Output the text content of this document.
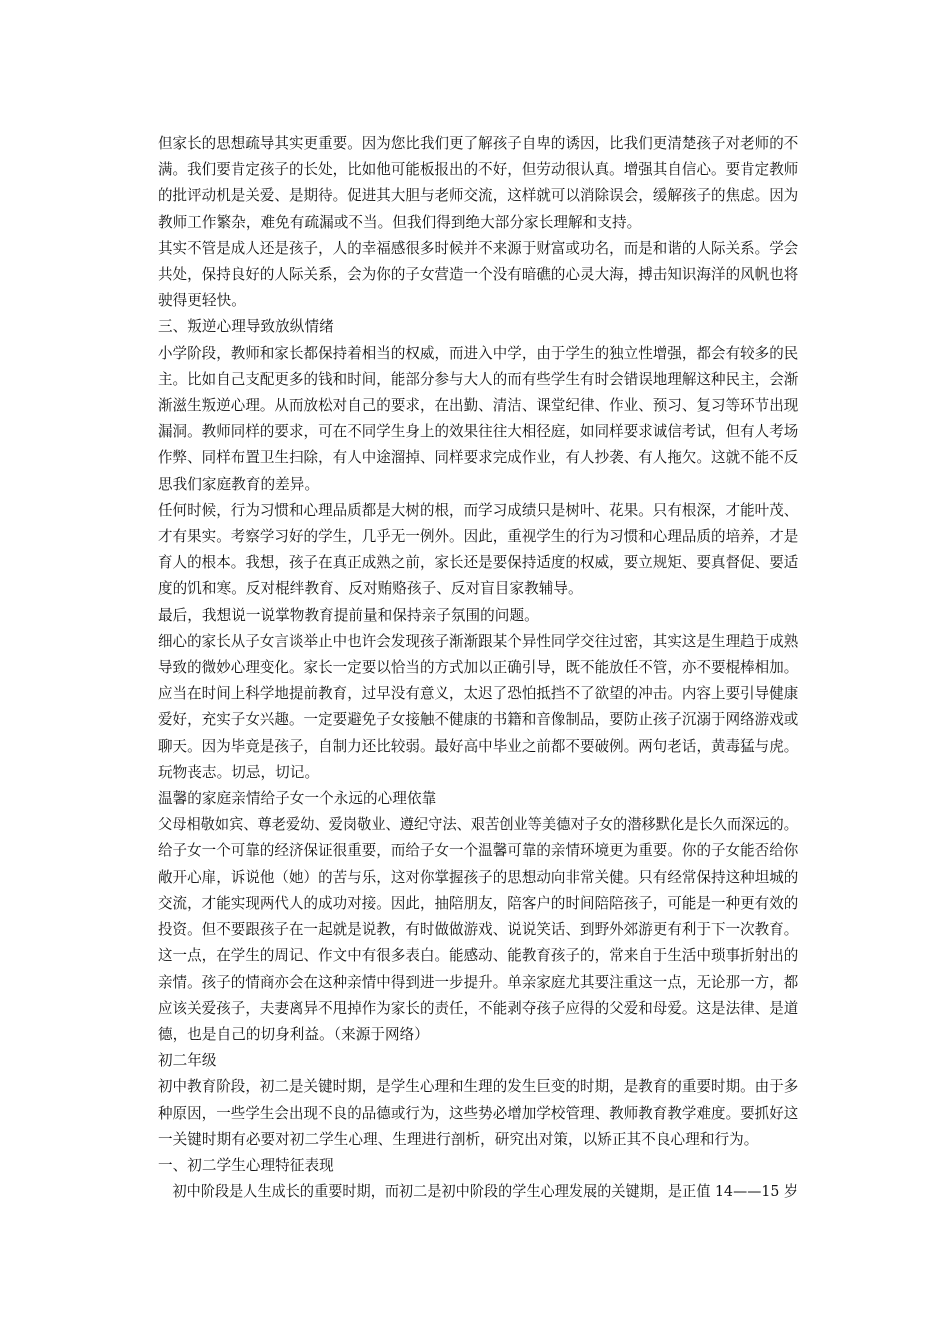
但家长的思想疏导其实更重要。因为您比我们更了解孩子自卑的诱因，比我们更清楚孩子对老师的不
满。我们要肯定孩子的长处，比如他可能板报出的不好，但劳动很认真。增强其自信心。要肯定教师
的批评动机是关爱、是期待。促进其大胆与老师交流，这样就可以消除误会，缓解孩子的焦虑。因为
教师工作繁杂，难免有疏漏或不当。但我们得到绝大部分家长理解和支持。

其实不管是成人还是孩子，人的幸福感很多时候并不来源于财富或功名，而是和谐的人际关系。学会
共处，保持良好的人际关系，会为你的子女营造一个没有暗礁的心灵大海，搏击知识海洋的风帆也将
驶得更轻快。

三、叛逆心理导致放纵情绪

小学阶段，教师和家长都保持着相当的权威，而进入中学，由于学生的独立性增强，都会有较多的民
主。比如自己支配更多的钱和时间，能部分参与大人的而有些学生有时会错误地理解这种民主，会渐
渐滋生叛逆心理。从而放松对自己的要求，在出勤、清洁、课堂纪律、作业、预习、复习等环节出现
漏洞。教师同样的要求，可在不同学生身上的效果往往大相径庭，如同样要求诚信考试，但有人考场
作弊、同样布置卫生扫除，有人中途溜掉、同样要求完成作业，有人抄袭、有人拖欠。这就不能不反
思我们家庭教育的差异。

任何时候，行为习惯和心理品质都是大树的根，而学习成绩只是树叶、花果。只有根深，才能叶茂、
才有果实。考察学习好的学生，几乎无一例外。因此，重视学生的行为习惯和心理品质的培养，才是
育人的根本。我想，孩子在真正成熟之前，家长还是要保持适度的权威，要立规矩、要真督促、要适
度的饥和寒。反对棍绊教育、反对贿赂孩子、反对盲目家教辅导。

最后，我想说一说掌物教育提前量和保持亲子氛围的问题。

细心的家长从子女言谈举止中也许会发现孩子渐渐跟某个异性同学交往过密，其实这是生理趋于成熟
导致的微妙心理变化。家长一定要以恰当的方式加以正确引导，既不能放任不管，亦不要棍棒相加。
应当在时间上科学地提前教育，过早没有意义，太迟了恐怕抵挡不了欲望的冲击。内容上要引导健康
爱好，充实子女兴趣。一定要避免子女接触不健康的书籍和音像制品，要防止孩子沉溺于网络游戏或
聊天。因为毕竟是孩子，自制力还比较弱。最好高中毕业之前都不要破例。两句老话，黄毒猛与虎。
玩物丧志。切忌，切记。

温馨的家庭亲情给子女一个永远的心理依靠

父母相敬如宾、尊老爱幼、爱岗敬业、遵纪守法、艰苦创业等美德对子女的潜移默化是长久而深远的。
给子女一个可靠的经济保证很重要，而给子女一个温馨可靠的亲情环境更为重要。你的子女能否给你
敞开心扉，诉说他（她）的苦与乐，这对你掌握孩子的思想动向非常关健。只有经常保持这种坦城的
交流，才能实现两代人的成功对接。因此，抽陪朋友，陪客户的时间陪陪孩子，可能是一种更有效的
投资。但不要跟孩子在一起就是说教，有时做做游戏、说说笑话、到野外郊游更有利于下一次教育。
这一点，在学生的周记、作文中有很多表白。能感动、能教育孩子的，常来自于生活中琐事折射出的
亲情。孩子的情商亦会在这种亲情中得到进一步提升。单亲家庭尤其要注重这一点，无论那一方，都
应该关爱孩子，夫妻离异不甩掉作为家长的责任，不能剥夺孩子应得的父爱和母爱。这是法律、是道
德，也是自己的切身利益。（来源于网络）

初二年级

初中教育阶段，初二是关键时期，是学生心理和生理的发生巨变的时期，是教育的重要时期。由于多
种原因，一些学生会出现不良的品德或行为，这些势必增加学校管理、教师教育教学难度。要抓好这
一关键时期有必要对初二学生心理、生理进行剖析，研究出对策，以矫正其不良心理和行为。

一、初二学生心理特征表现

初中阶段是人生成长的重要时期，而初二是初中阶段的学生心理发展的关键期，是正值 14——15 岁
